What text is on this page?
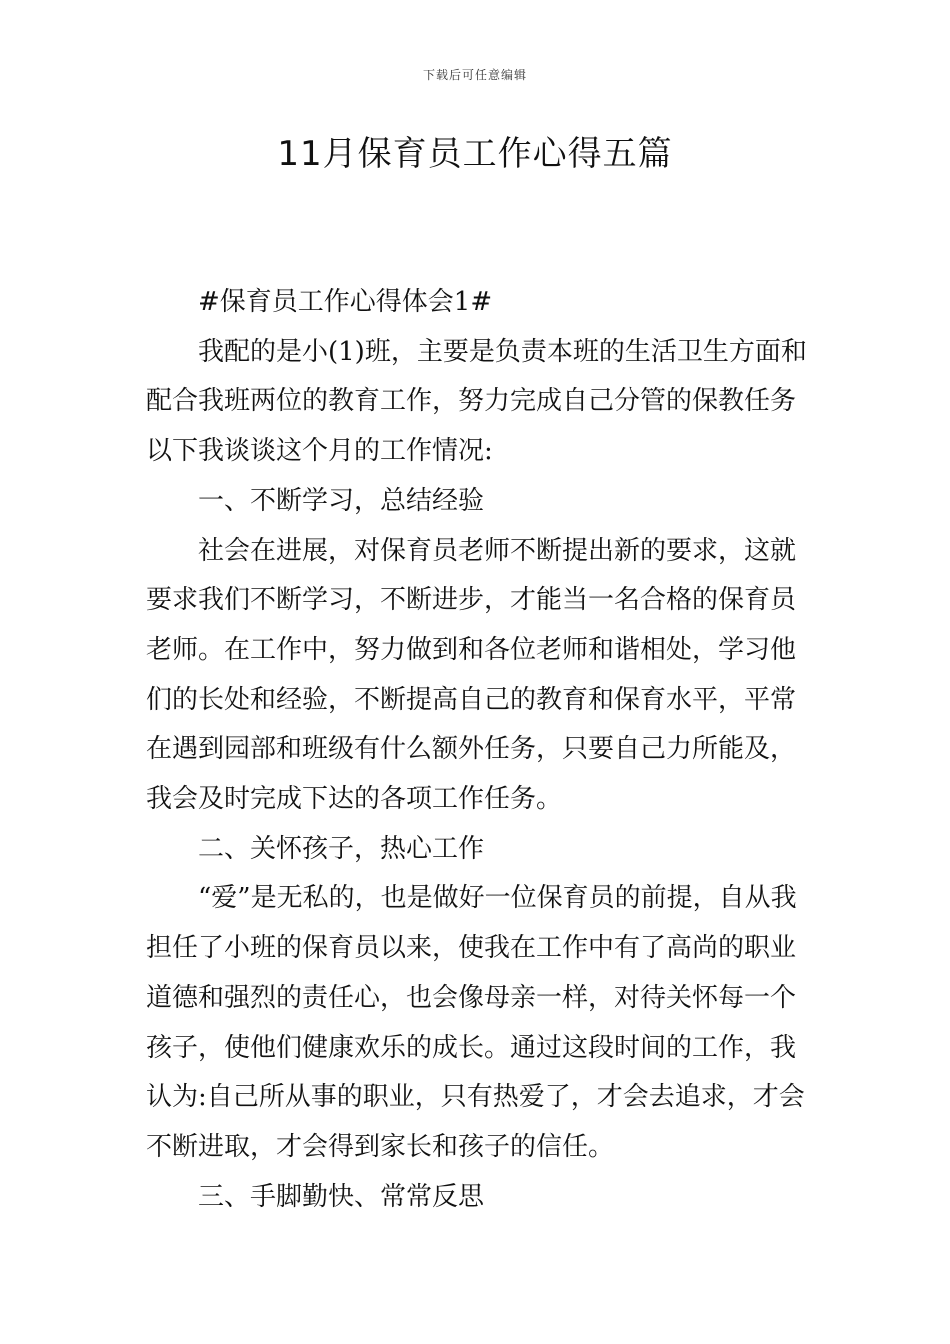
下载后可任意编辑
11月保育员工作心得五篇

#保育员工作心得体会1#

我配的是小(1)班，主要是负责本班的生活卫生方面和配合我班两位的教育工作，努力完成自己分管的保教任务以下我谈谈这个月的工作情况:

一、不断学习，总结经验

社会在进展，对保育员老师不断提出新的要求，这就要求我们不断学习，不断进步，才能当一名合格的保育员老师。在工作中，努力做到和各位老师和谐相处，学习他们的长处和经验，不断提高自己的教育和保育水平，平常在遇到园部和班级有什么额外任务，只要自己力所能及，我会及时完成下达的各项工作任务。

二、关怀孩子，热心工作

“爱”是无私的，也是做好一位保育员的前提，自从我担任了小班的保育员以来，使我在工作中有了高尚的职业道德和强烈的责任心，也会像母亲一样，对待关怀每一个孩子，使他们健康欢乐的成长。通过这段时间的工作，我认为:自己所从事的职业，只有热爱了，才会去追求，才会不断进取，才会得到家长和孩子的信任。

三、手脚勤快、常常反思
